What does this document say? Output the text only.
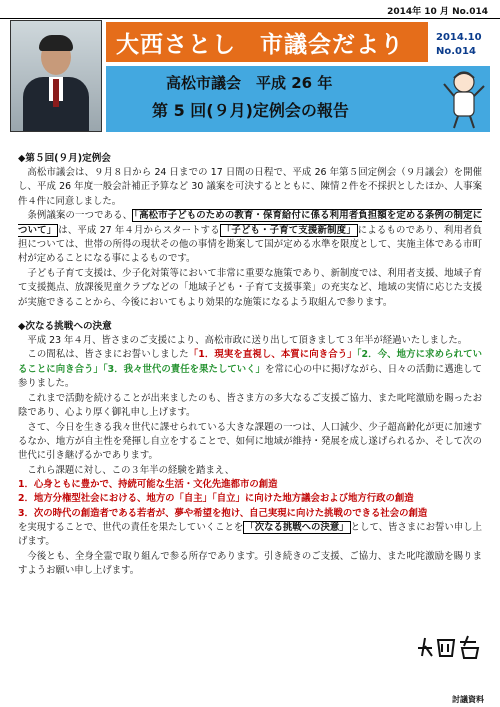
2014年 10 月 No.014
大西さとし　市議会だより	2014.10
No.014
高松市議会　平成 26 年
第 5 回(９月)定例会の報告

◆第５回(９月)定例会

高松市議会は、９月８日から 24 日までの 17 日間の日程で、平成 26 年第５回定例会（９月議会）を開催し、平成 26 年度一般会計補正予算など 30 議案を可決するとともに、陳情２件を不採択としたほか、人事案件４件に同意しました。

条例議案の一つである、 「高松市子どものための教育・保育給付に係る利用者負担額を定める条例の制定について」 は、平成 27 年４月からスタートする 「子ども・子育て支援新制度」 によるものであり、利用者負担については、世帯の所得の現状その他の事情を勘案して国が定める水準を限度として、実施主体である市町村が定めることになる事によるものです。

子ども子育て支援は、少子化対策等において非常に重要な施策であり、新制度では、利用者支援、地域子育て支援拠点、放課後児童クラブなどの「地域子ども・子育て支援事業」の充実など、地域の実情に応じた支援が実施できることから、今後においてもより効果的な施策になるよう取組んで参ります。

◆次なる挑戦への決意

平成 23 年４月、皆さまのご支援により、高松市政に送り出して頂きまして３年半が経過いたしました。

この間私は、皆さまにお誓いしました「1．現実を直視し、本質に向き合う」「2．今、地方に求められていることに向き合う」「3．我々世代の責任を果たしていく」を常に心の中に掲げながら、日々の活動に邁進して参りました。

これまで活動を続けることが出来ましたのも、皆さま方の多大なるご支援ご協力、また叱咤激励を賜ったお陰であり、心より厚く御礼申し上げます。

さて、今日を生きる我々世代に課せられている大きな課題の一つは、人口減少、少子超高齢化が更に加速するなか、地方が自主性を発揮し自立をすることで、如何に地域が維持・発展を成し遂げられるか、そして次の世代に引き継げるかであります。

これら課題に対し、この３年半の経験を踏まえ、

1．心身ともに豊かで、持続可能な生活・文化先進都市の創造

2．地方分権型社会における、地方の「自主」「自立」に向けた地方議会および地方行政の創造

3．次の時代の創造者である若者が、夢や希望を抱け、自己実現に向けた挑戦のできる社会の創造

を実現することで、世代の責任を果たしていくことを 「次なる挑戦への決意」 として、皆さまにお誓い申し上げます。

今後とも、全身全霊で取り組んで参る所存であります。引き続きのご支援、ご協力、また叱咤激励を賜りますようお願い申し上げます。

討議資料
